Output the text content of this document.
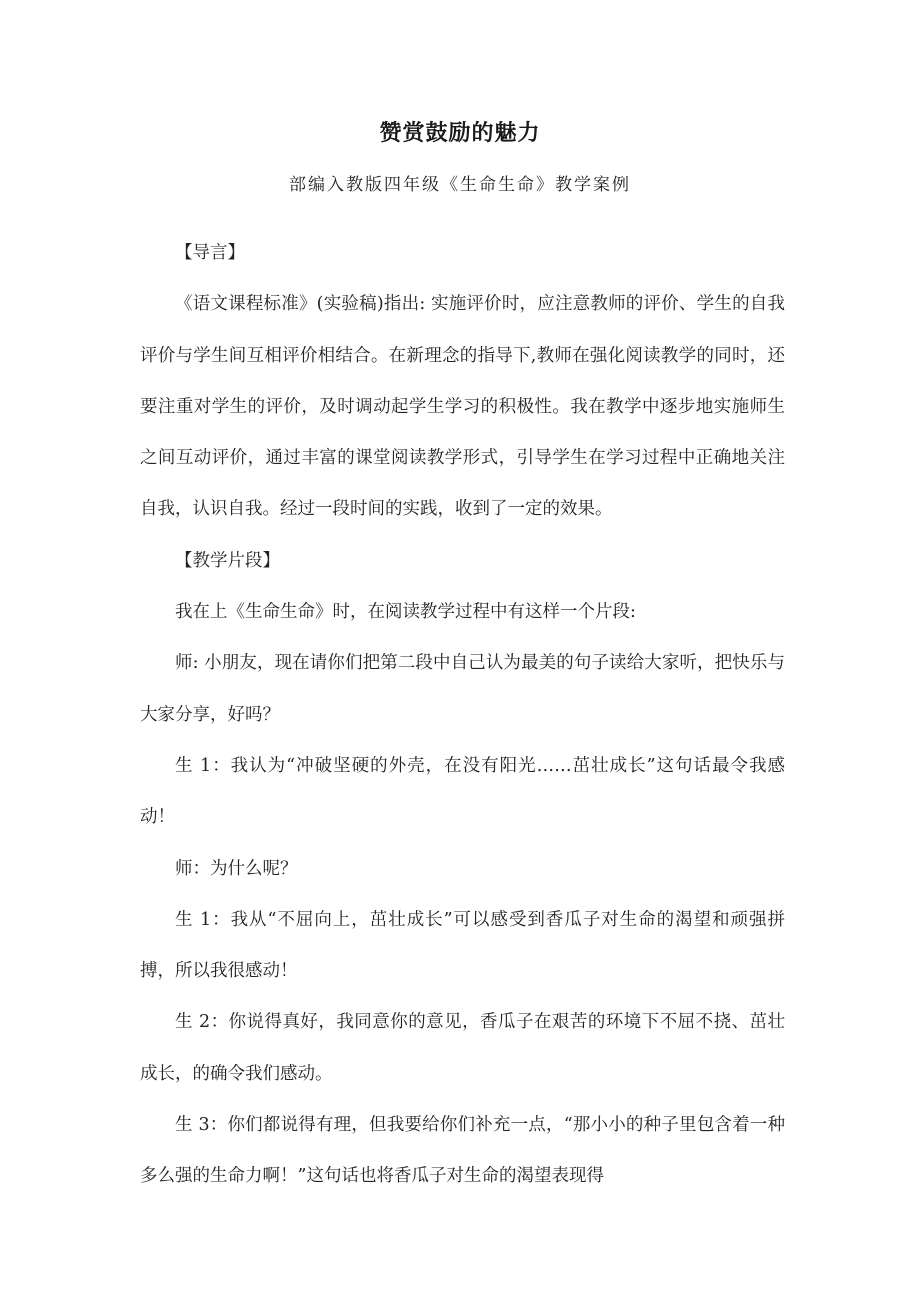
赞赏鼓励的魅力
部编入教版四年级《生命生命》教学案例

【导言】

《语文课程标准》(实验稿)指出: 实施评价时，应注意教师的评价、学生的自我评价与学生间互相评价相结合。在新理念的指导下,教师在强化阅读教学的同时，还要注重对学生的评价，及时调动起学生学习的积极性。我在教学中逐步地实施师生之间互动评价，通过丰富的课堂阅读教学形式，引导学生在学习过程中正确地关注自我，认识自我。经过一段时间的实践，收到了一定的效果。

【教学片段】

我在上《生命生命》时，在阅读教学过程中有这样一个片段:

师: 小朋友，现在请你们把第二段中自己认为最美的句子读给大家听，把快乐与大家分享，好吗？

生 1：我认为“冲破坚硬的外壳，在没有阳光……茁壮成长”这句话最令我感动！

师：为什么呢？

生 1：我从“不屈向上，茁壮成长”可以感受到香瓜子对生命的渴望和顽强拼搏，所以我很感动！

生 2：你说得真好，我同意你的意见，香瓜子在艰苦的环境下不屈不挠、茁壮成长，的确令我们感动。

生 3：你们都说得有理，但我要给你们补充一点，“那小小的种子里包含着一种多么强的生命力啊！”这句话也将香瓜子对生命的渴望表现得
